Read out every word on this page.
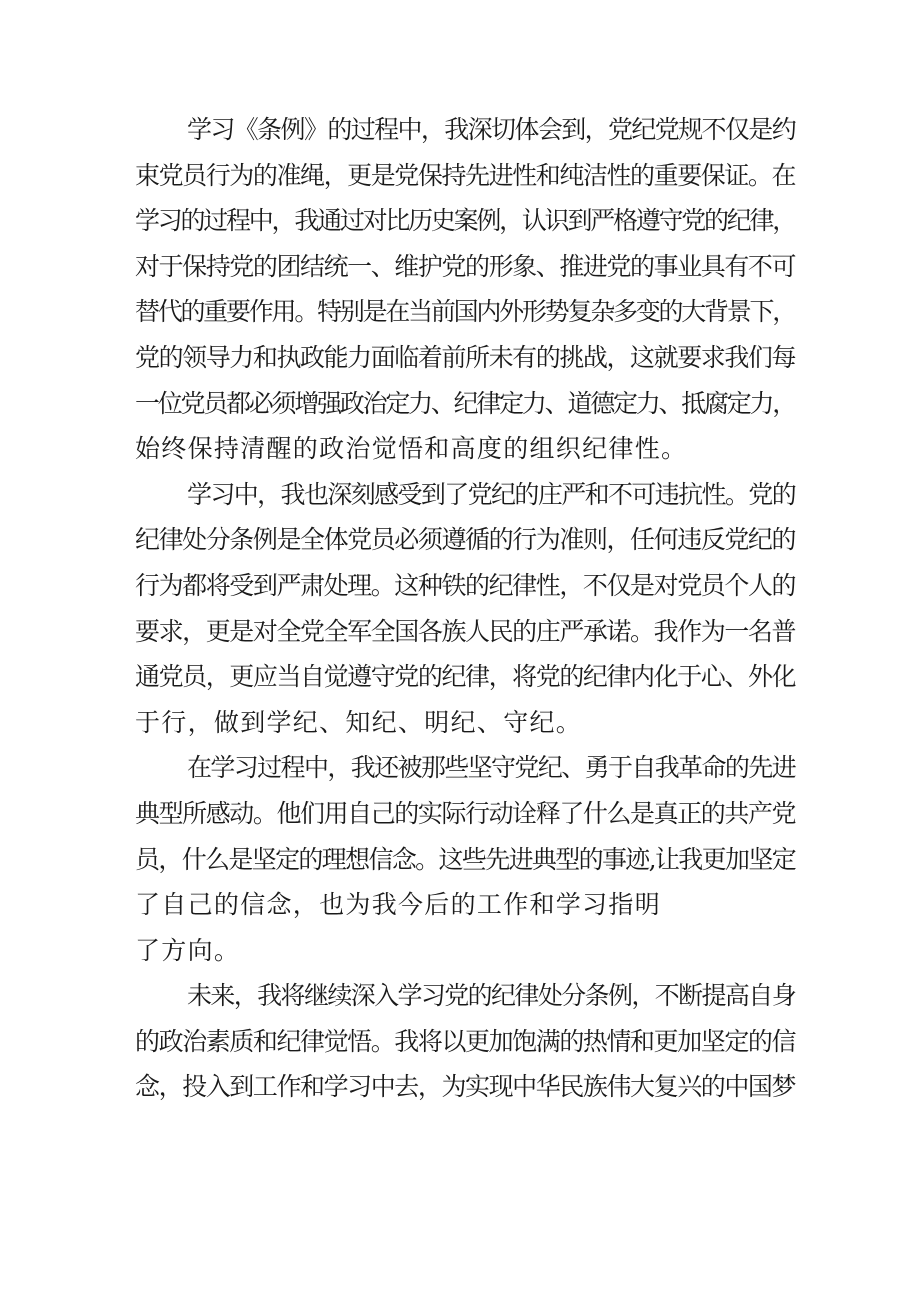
学习《条例》的过程中，我深切体会到，党纪党规不仅是约
束党员行为的准绳，更是党保持先进性和纯洁性的重要保证。在
学习的过程中，我通过对比历史案例，认识到严格遵守党的纪律，
对于保持党的团结统一、维护党的形象、推进党的事业具有不可
替代的重要作用。特别是在当前国内外形势复杂多变的大背景下，
党的领导力和执政能力面临着前所未有的挑战，这就要求我们每
一位党员都必须增强政治定力、纪律定力、道德定力、抵腐定力，
始终保持清醒的政治觉悟和高度的组织纪律性。
学习中，我也深刻感受到了党纪的庄严和不可违抗性。党的
纪律处分条例是全体党员必须遵循的行为准则，任何违反党纪的
行为都将受到严肃处理。这种铁的纪律性，不仅是对党员个人的
要求，更是对全党全军全国各族人民的庄严承诺。我作为一名普
通党员，更应当自觉遵守党的纪律，将党的纪律内化于心、外化
于行，做到学纪、知纪、明纪、守纪。
在学习过程中，我还被那些坚守党纪、勇于自我革命的先进
典型所感动。他们用自己的实际行动诠释了什么是真正的共产党
员，什么是坚定的理想信念。这些先进典型的事迹,让我更加坚定
了自己的信念，也为我今后的工作和学习指明
了方向。
未来，我将继续深入学习党的纪律处分条例，不断提高自身
的政治素质和纪律觉悟。我将以更加饱满的热情和更加坚定的信
念，投入到工作和学习中去，为实现中华民族伟大复兴的中国梦
